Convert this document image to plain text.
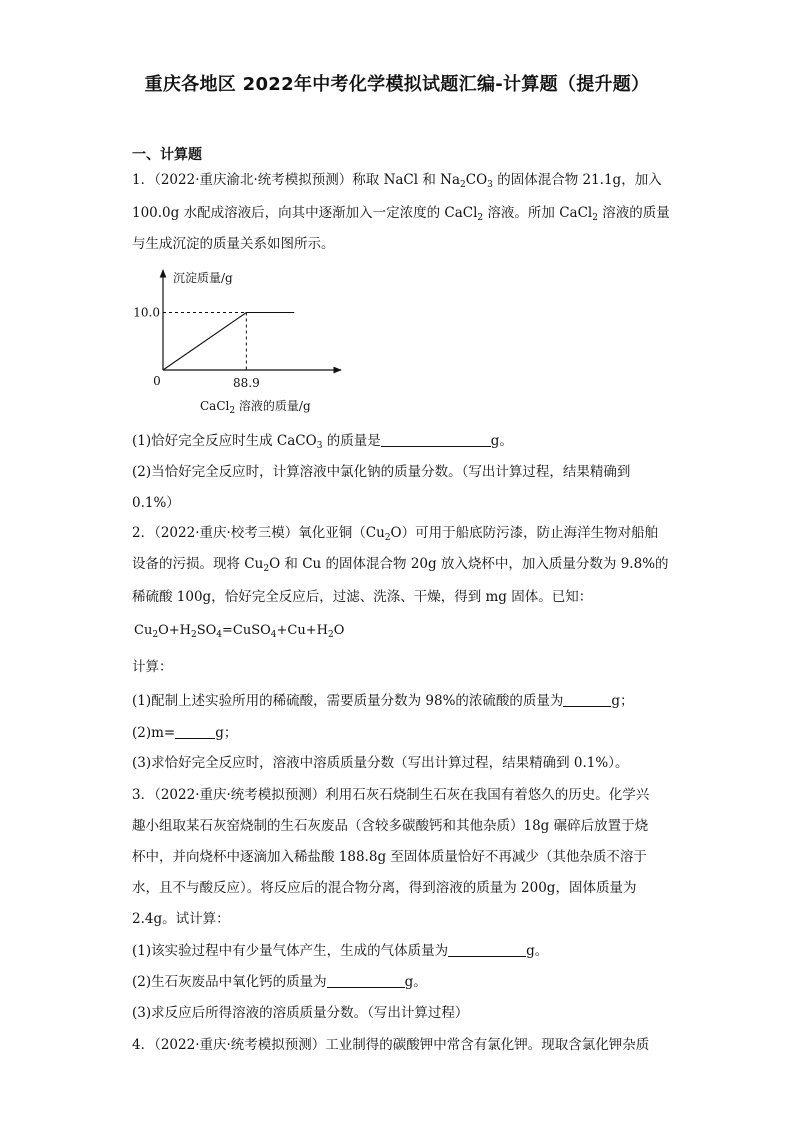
重庆各地区 2022年中考化学模拟试题汇编-计算题（提升题）
一、计算题
1．（2022·重庆渝北·统考模拟预测）称取 NaCl 和 $Na_2CO_3$ 的固体混合物 21.1g，加入
100.0g 水配成溶液后，向其中逐渐加入一定浓度的 CaCl$_2$ 溶液。所加 CaCl$_2$ 溶液的质量
与生成沉淀的质量关系如图所示。
沉淀质量/g
10.0
0	88.9
CaCl$_2$ 溶液的质量/g
(1)恰好完全反应时生成 CaCO$_3$ 的质量是	g。
(2)当恰好完全反应时，计算溶液中氯化钠的质量分数。（写出计算过程，结果精确到
0.1%）
2．（2022·重庆·校考三模）氧化亚铜$(Cu_2O)$可用于船底防污漆，防止海洋生物对船舶
设备的污损。现将 $Cu_2O$ 和 Cu 的固体混合物 20g 放入烧杯中，加入质量分数为 9.8%的
稀硫酸 100g，恰好完全反应后，过滤、洗涤、干燥，得到 mg 固体。已知：
$Cu_2O+H_2SO_4=CuSO_4+Cu+H_2O$
计算：
(1)配制上述实验所用的稀硫酸，需要质量分数为 98%的浓硫酸的质量为	g；
(2)m=	g；
(3)求恰好完全反应时，溶液中溶质质量分数（写出计算过程，结果精确到 0.1%）。
3．（2022·重庆·统考模拟预测）利用石灰石烧制生石灰在我国有着悠久的历史。化学兴
趣小组取某石灰窑烧制的生石灰废品（含较多碳酸钙和其他杂质）18g 碾碎后放置于烧
杯中，并向烧杯中逐滴加入稀盐酸 188.8g 至固体质量恰好不再减少（其他杂质不溶于
水，且不与酸反应）。将反应后的混合物分离，得到溶液的质量为 200g，固体质量为
2.4g。试计算：
(1)该实验过程中有少量气体产生，生成的气体质量为	g。
(2)生石灰废品中氧化钙的质量为	g。
(3)求反应后所得溶液的溶质质量分数。（写出计算过程）
4．（2022·重庆·统考模拟预测）工业制得的碳酸钾中常含有氯化钾。现取含氯化钾杂质
